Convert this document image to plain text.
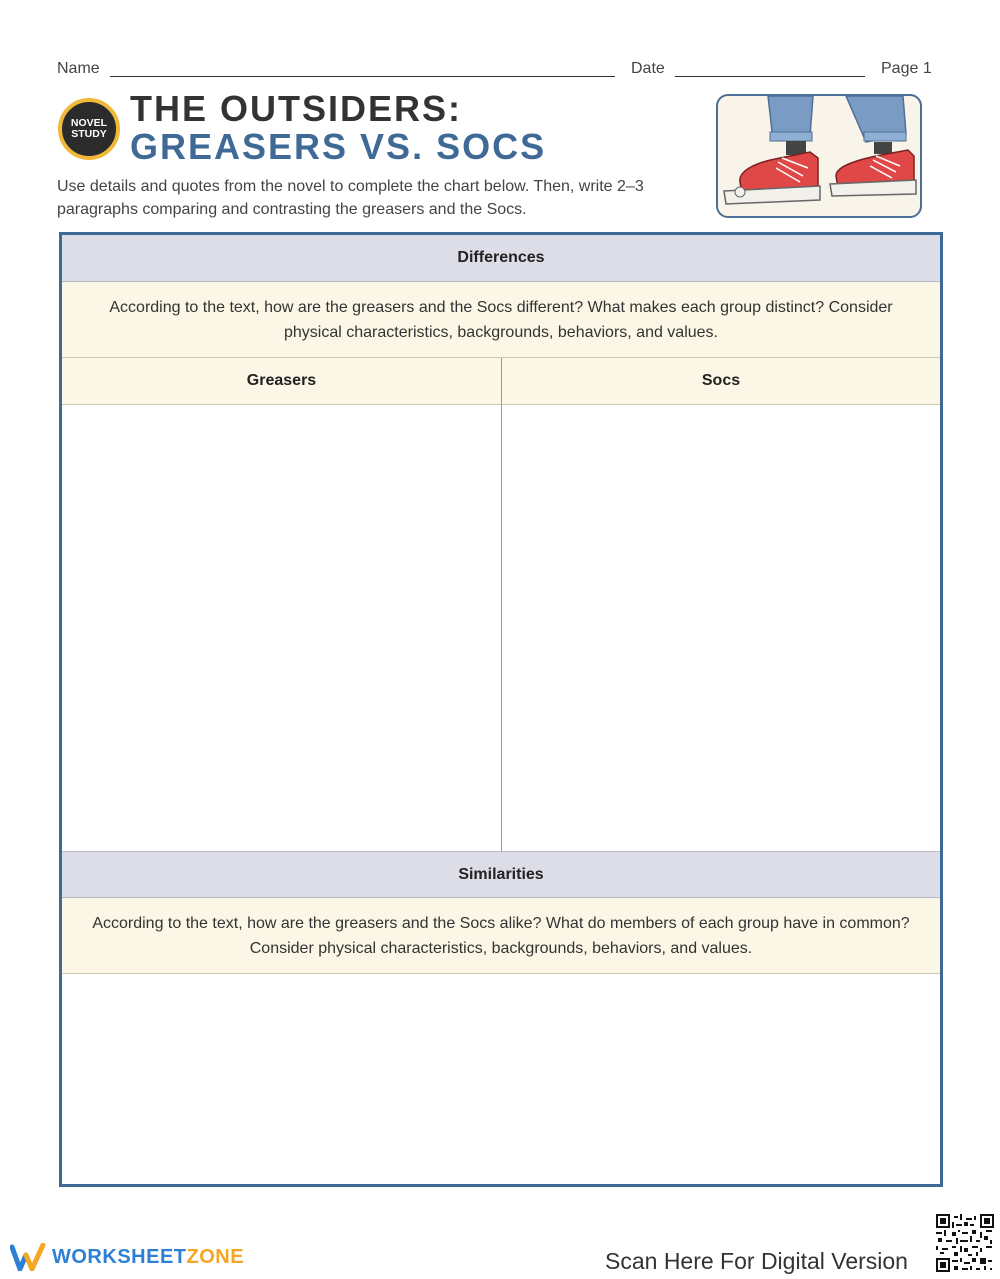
Name	Date	Page 1
NOVEL
STUDY
THE OUTSIDERS:
GREASERS VS. SOCS
Use details and quotes from the novel to complete the chart below. Then, write 2–3 paragraphs comparing and contrasting the greasers and the Socs.
Differences
According to the text, how are the greasers and the Socs different? What makes each group distinct? Consider physical characteristics, backgrounds, behaviors, and values.
Greasers	Socs
Similarities
According to the text, how are the greasers and the Socs alike? What do members of each group have in common? Consider physical characteristics, backgrounds, behaviors, and values.
WORKSHEETZONE	Scan Here For Digital Version
